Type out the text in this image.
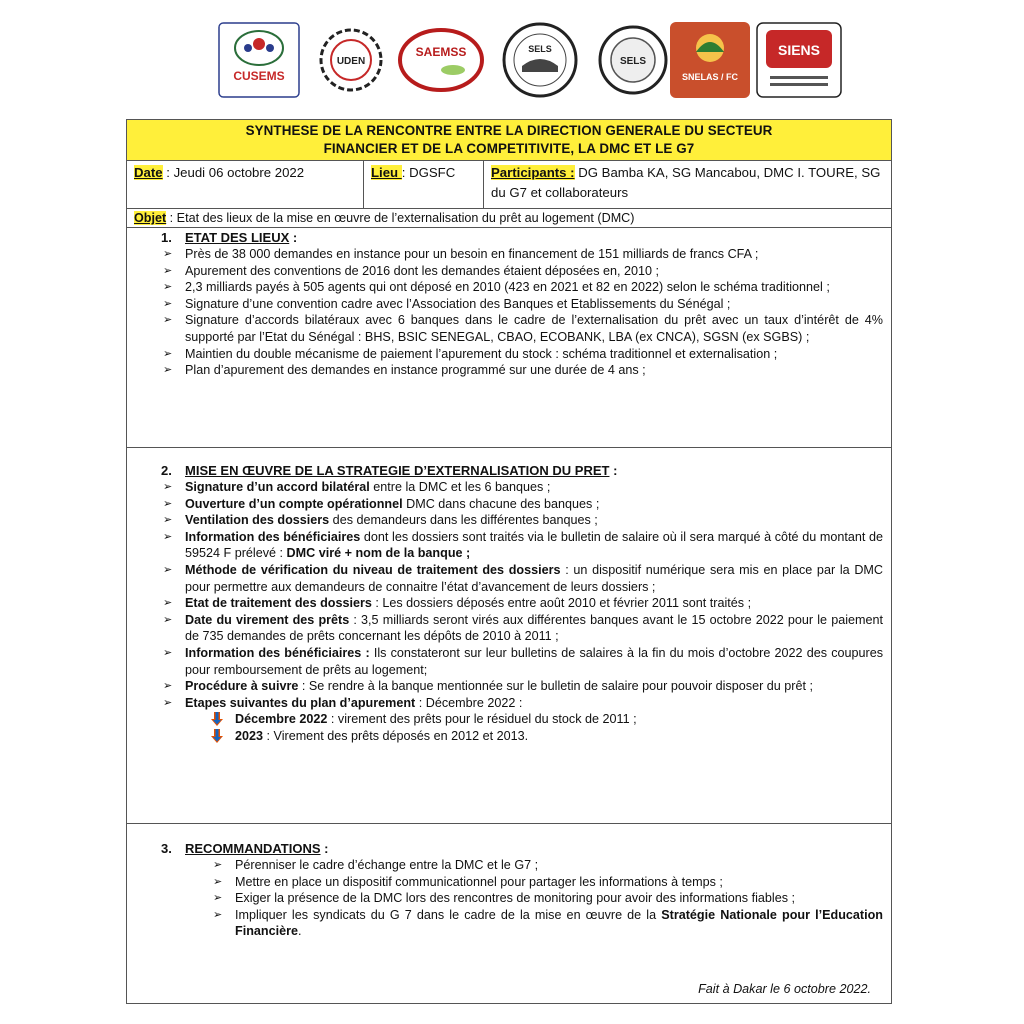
CUSEMS
UDEN
SAEMSS	SELS
SELS
SNELAS / FC
SIENS
SYNTHESE DE LA RENCONTRE ENTRE LA DIRECTION GENERALE DU SECTEUR
FINANCIER ET DE LA COMPETITIVITE, LA DMC ET LE G7
Date : Jeudi 06 octobre 2022	Lieu : DGSFC	Participants : DG Bamba KA, SG Mancabou, DMC I. TOURE, SG du G7 et collaborateurs
Objet : Etat des lieux de la mise en œuvre de l’externalisation du prêt au logement (DMC)
1. ETAT DES LIEUX :
➢ Près de 38 000 demandes en instance pour un besoin en financement de 151 milliards de francs CFA ;
➢ Apurement des conventions de 2016 dont les demandes étaient déposées en, 2010 ;
➢ 2,3 milliards payés à 505 agents qui ont déposé en 2010 (423 en 2021 et 82 en 2022) selon le schéma traditionnel ;
➢ Signature d’une convention cadre avec l’Association des Banques et Etablissements du Sénégal ;
➢ Signature d’accords bilatéraux avec 6 banques dans le cadre de l’externalisation du prêt avec un taux d’intérêt de 4% supporté par l’Etat du Sénégal : BHS, BSIC SENEGAL, CBAO, ECOBANK, LBA (ex CNCA), SGSN (ex SGBS) ;
➢ Maintien du double mécanisme de paiement l’apurement du stock : schéma traditionnel et externalisation ;
➢ Plan d’apurement des demandes en instance programmé sur une durée de 4 ans ;
2. MISE EN ŒUVRE DE LA STRATEGIE D’EXTERNALISATION DU PRET :
➢ Signature d’un accord bilatéral entre la DMC et les 6 banques ;
➢ Ouverture d’un compte opérationnel DMC dans chacune des banques ;
➢ Ventilation des dossiers des demandeurs dans les différentes banques ;
➢ Information des bénéficiaires dont les dossiers sont traités via le bulletin de salaire où il sera marqué à côté du montant de 59524 F prélevé : DMC viré + nom de la banque ;
➢ Méthode de vérification du niveau de traitement des dossiers : un dispositif numérique sera mis en place par la DMC pour permettre aux demandeurs de connaitre l’état d’avancement de leurs dossiers ;
➢ Etat de traitement des dossiers : Les dossiers déposés entre août 2010 et février 2011 sont traités ;
➢ Date du virement des prêts : 3,5 milliards seront virés aux différentes banques avant le 15 octobre 2022 pour le paiement de 735 demandes de prêts concernant les dépôts de 2010 à 2011 ;
➢ Information des bénéficiaires : Ils constateront sur leur bulletins de salaires à la fin du mois d’octobre 2022 des coupures pour remboursement de prêts au logement;
➢ Procédure à suivre : Se rendre à la banque mentionnée sur le bulletin de salaire pour pouvoir disposer du prêt ;
➢ Etapes suivantes du plan d’apurement : Décembre 2022 :
Décembre 2022 : virement des prêts pour le résiduel du stock de 2011 ;
2023 : Virement des prêts déposés en 2012 et 2013.
3. RECOMMANDATIONS :
➢ Pérenniser le cadre d’échange entre la DMC et le G7 ;
➢ Mettre en place un dispositif communicationnel pour partager les informations à temps ;
➢ Exiger la présence de la DMC lors des rencontres de monitoring pour avoir des informations fiables ;
➢ Impliquer les syndicats du G 7 dans le cadre de la mise en œuvre de la Stratégie Nationale pour l’Education Financière.
Fait à Dakar le 6 octobre 2022.
